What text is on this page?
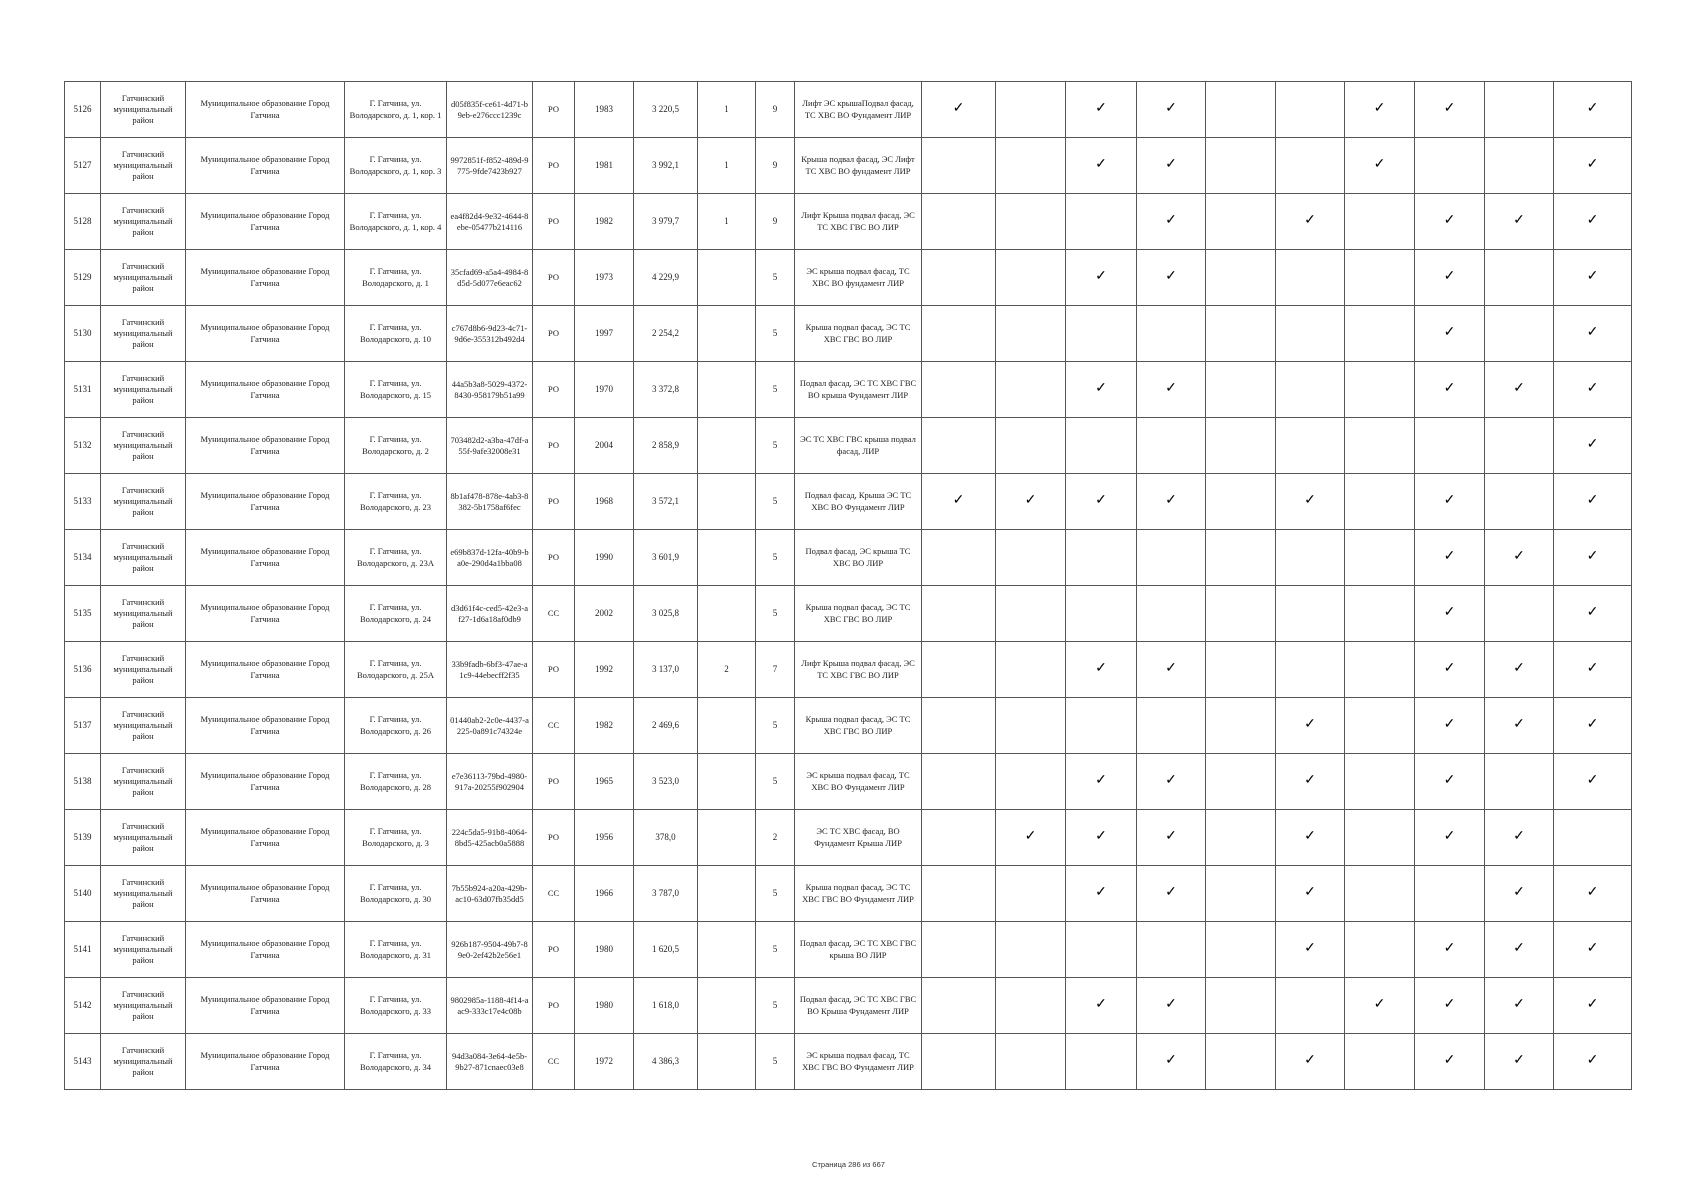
5126	Гатчинский муниципальный район	Муниципальное образование Город Гатчина	Г. Гатчина, ул. Володарского, д. 1, кор. 1	d05f835f-ce61-4d71-b9eb-e276ccc1239c	РО	1983	3 220,5	1	9	Лифт ЭС крышаПодвал фасад, ТС ХВС ВО Фундамент ЛИР	✓		✓	✓			✓	✓		✓
5127	Гатчинский муниципальный район	Муниципальное образование Город Гатчина	Г. Гатчина, ул. Володарского, д. 1, кор. 3	9972851f-f852-489d-9775-9fde7423b927	РО	1981	3 992,1	1	9	Крыша подвал фасад, ЭС Лифт ТС ХВС ВО фундамент ЛИР			✓	✓			✓			✓
5128	Гатчинский муниципальный район	Муниципальное образование Город Гатчина	Г. Гатчина, ул. Володарского, д. 1, кор. 4	ea4f82d4-9e32-4644-8ebe-05477b214116	РО	1982	3 979,7	1	9	Лифт Крыша подвал фасад, ЭС ТС ХВС ГВС ВО ЛИР				✓		✓		✓	✓	✓
5129	Гатчинский муниципальный район	Муниципальное образование Город Гатчина	Г. Гатчина, ул. Володарского, д. 1	35cfad69-a5a4-4984-8d5d-5d077e6eac62	РО	1973	4 229,9		5	ЭС крыша подвал фасад, ТС ХВС ВО фундамент ЛИР			✓	✓				✓		✓
5130	Гатчинский муниципальный район	Муниципальное образование Город Гатчина	Г. Гатчина, ул. Володарского, д. 10	c767d8b6-9d23-4c71-9d6e-355312b492d4	РО	1997	2 254,2		5	Крыша подвал фасад, ЭС ТС ХВС ГВС ВО ЛИР								✓		✓
5131	Гатчинский муниципальный район	Муниципальное образование Город Гатчина	Г. Гатчина, ул. Володарского, д. 15	44a5b3a8-5029-4372-8430-958179b51a99	РО	1970	3 372,8		5	Подвал фасад, ЭС ТС ХВС ГВС ВО крыша Фундамент ЛИР			✓	✓				✓	✓	✓
5132	Гатчинский муниципальный район	Муниципальное образование Город Гатчина	Г. Гатчина, ул. Володарского, д. 2	703482d2-a3ba-47df-a55f-9afe32008e31	РО	2004	2 858,9		5	ЭС ТС ХВС ГВС крыша подвал фасад, ЛИР										✓
5133	Гатчинский муниципальный район	Муниципальное образование Город Гатчина	Г. Гатчина, ул. Володарского, д. 23	8b1af478-878e-4ab3-8382-5b1758af6fec	РО	1968	3 572,1		5	Подвал фасад, Крыша ЭС ТС ХВС ВО Фундамент ЛИР	✓	✓	✓	✓		✓		✓		✓
5134	Гатчинский муниципальный район	Муниципальное образование Город Гатчина	Г. Гатчина, ул. Володарского, д. 23А	e69b837d-12fa-40b9-ba0e-290d4a1bba08	РО	1990	3 601,9		5	Подвал фасад, ЭС крыша ТС ХВС ВО ЛИР								✓	✓	✓
5135	Гатчинский муниципальный район	Муниципальное образование Город Гатчина	Г. Гатчина, ул. Володарского, д. 24	d3d61f4c-ced5-42e3-af27-1d6a18af0db9	СС	2002	3 025,8		5	Крыша подвал фасад, ЭС ТС ХВС ГВС ВО ЛИР								✓		✓
5136	Гатчинский муниципальный район	Муниципальное образование Город Гатчина	Г. Гатчина, ул. Володарского, д. 25А	33b9fadb-6bf3-47ae-a1c9-44ebecff2f35	РО	1992	3 137,0	2	7	Лифт Крыша подвал фасад, ЭС ТС ХВС ГВС ВО ЛИР			✓	✓				✓	✓	✓
5137	Гатчинский муниципальный район	Муниципальное образование Город Гатчина	Г. Гатчина, ул. Володарского, д. 26	01440ab2-2c0e-4437-a225-0a891c74324e	СС	1982	2 469,6		5	Крыша подвал фасад, ЭС ТС ХВС ГВС ВО ЛИР						✓		✓	✓	✓
5138	Гатчинский муниципальный район	Муниципальное образование Город Гатчина	Г. Гатчина, ул. Володарского, д. 28	e7e36113-79bd-4980-917a-20255f902904	РО	1965	3 523,0		5	ЭС крыша подвал фасад, ТС ХВС ВО Фундамент ЛИР			✓	✓		✓		✓		✓
5139	Гатчинский муниципальный район	Муниципальное образование Город Гатчина	Г. Гатчина, ул. Володарского, д. 3	224c5da5-91b8-4064-8bd5-425acb0a5888	РО	1956	378,0		2	ЭС ТС ХВС фасад, ВО Фундамент Крыша ЛИР		✓	✓	✓		✓		✓	✓	
5140	Гатчинский муниципальный район	Муниципальное образование Город Гатчина	Г. Гатчина, ул. Володарского, д. 30	7b55b924-a20a-429b-ac10-63d07fb35dd5	СС	1966	3 787,0		5	Крыша подвал фасад, ЭС ТС ХВС ГВС ВО Фундамент ЛИР			✓	✓		✓			✓	✓
5141	Гатчинский муниципальный район	Муниципальное образование Город Гатчина	Г. Гатчина, ул. Володарского, д. 31	926b187-9504-49b7-89e0-2ef42b2e56e1	РО	1980	1 620,5		5	Подвал фасад, ЭС ТС ХВС ГВС крыша ВО ЛИР						✓		✓	✓	✓
5142	Гатчинский муниципальный район	Муниципальное образование Город Гатчина	Г. Гатчина, ул. Володарского, д. 33	9802985a-1188-4f14-aac9-333c17e4c08b	РО	1980	1 618,0		5	Подвал фасад, ЭС ТС ХВС ГВС ВО Крыша Фундамент ЛИР			✓	✓			✓	✓	✓	✓
5143	Гатчинский муниципальный район	Муниципальное образование Город Гатчина	Г. Гатчина, ул. Володарского, д. 34	94d3a084-3e64-4e5b-9b27-871cnaec03e8	СС	1972	4 386,3		5	ЭС крыша подвал фасад, ТС ХВС ГВС ВО Фундамент ЛИР				✓		✓		✓	✓	✓
Страница 286 из 667
